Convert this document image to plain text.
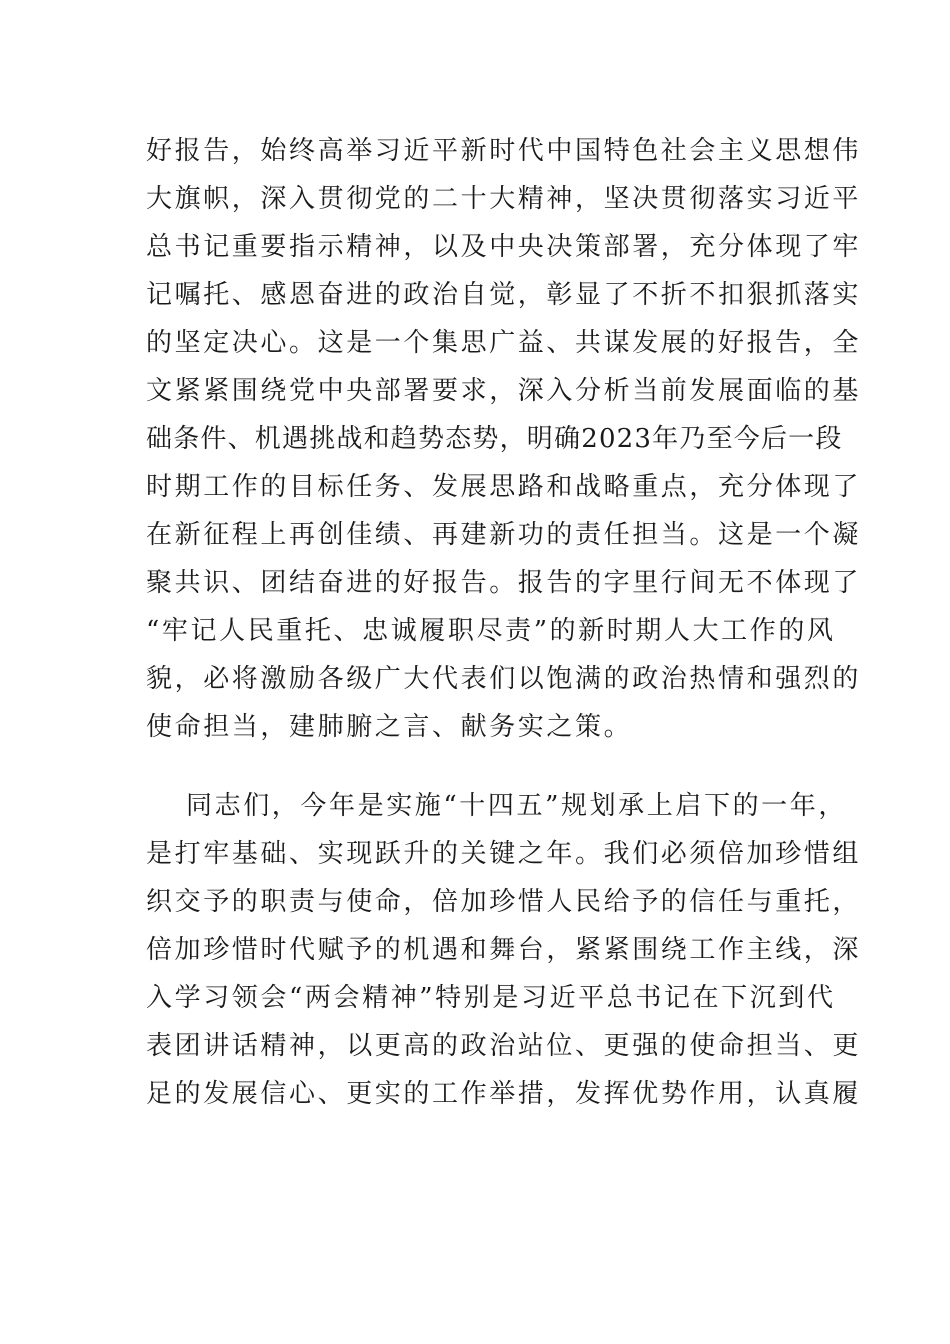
好报告，始终高举习近平新时代中国特色社会主义思想伟
大旗帜，深入贯彻党的二十大精神，坚决贯彻落实习近平
总书记重要指示精神，以及中央决策部署，充分体现了牢
记嘱托、感恩奋进的政治自觉，彰显了不折不扣狠抓落实
的坚定决心。这是一个集思广益、共谋发展的好报告，全
文紧紧围绕党中央部署要求，深入分析当前发展面临的基
础条件、机遇挑战和趋势态势，明确2023年乃至今后一段
时期工作的目标任务、发展思路和战略重点，充分体现了
在新征程上再创佳绩、再建新功的责任担当。这是一个凝
聚共识、团结奋进的好报告。报告的字里行间无不体现了
“牢记人民重托、忠诚履职尽责”的新时期人大工作的风
貌，必将激励各级广大代表们以饱满的政治热情和强烈的
使命担当，建肺腑之言、献务实之策。
同志们，今年是实施“十四五”规划承上启下的一年，
是打牢基础、实现跃升的关键之年。我们必须倍加珍惜组
织交予的职责与使命，倍加珍惜人民给予的信任与重托，
倍加珍惜时代赋予的机遇和舞台，紧紧围绕工作主线，深
入学习领会“两会精神”特别是习近平总书记在下沉到代
表团讲话精神，以更高的政治站位、更强的使命担当、更
足的发展信心、更实的工作举措，发挥优势作用，认真履
